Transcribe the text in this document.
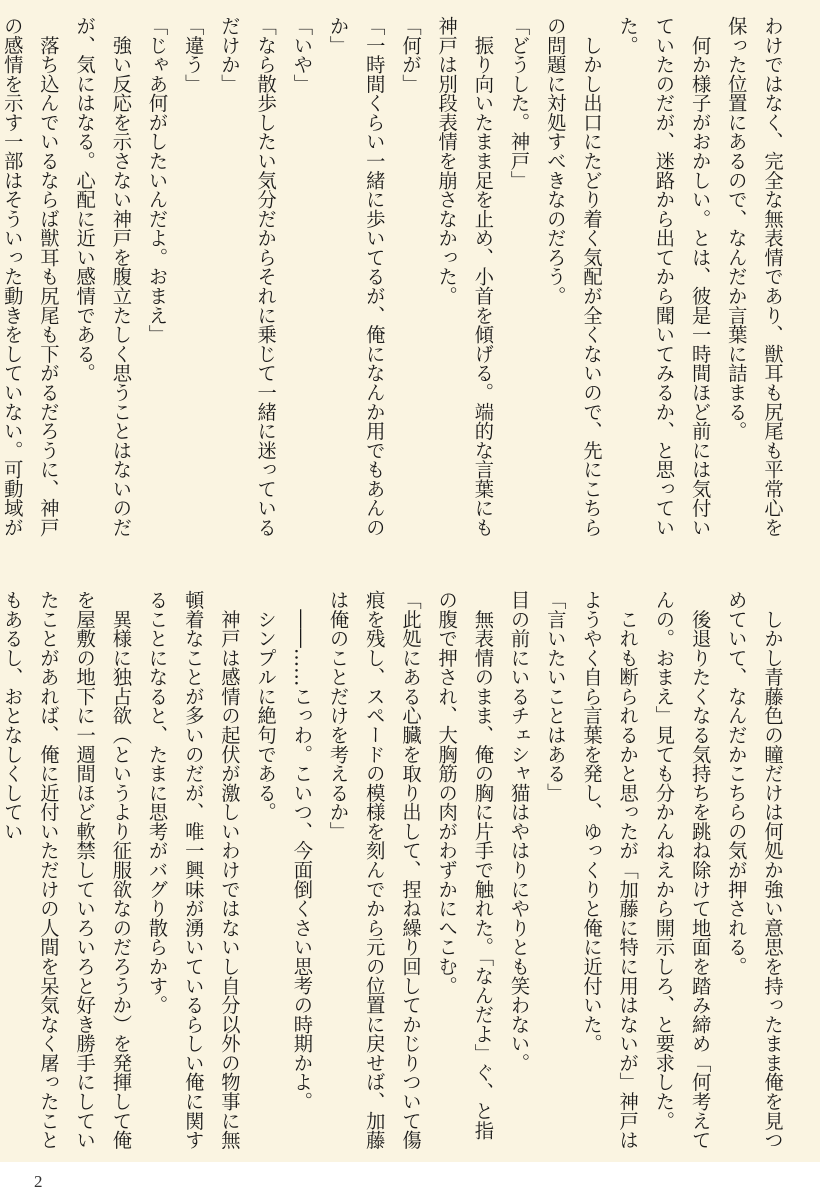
わけではなく、完全な無表情であり、獣耳も尻尾も平常心を保った位置にあるので、なんだか言葉に詰まる。

　何か様子がおかしい。とは、彼是一時間ほど前には気付いていたのだが、迷路から出てから聞いてみるか、と思っていた。

　しかし出口にたどり着く気配が全くないので、先にこちらの問題に対処すべきなのだろう。

「どうした。神戸」

　振り向いたまま足を止め、小首を傾げる。端的な言葉にも神戸は別段表情を崩さなかった。

「何が」

「一時間くらい一緒に歩いてるが、俺になんか用でもあんのか」

「いや」

「なら散歩したい気分だからそれに乗じて一緒に迷っているだけか」

「違う」

「じゃあ何がしたいんだよ。おまえ」

　強い反応を示さない神戸を腹立たしく思うことはないのだが、気にはなる。心配に近い感情である。

　落ち込んでいるならば獣耳も尻尾も下がるだろうに、神戸の感情を示す一部はそういった動きをしていない。可動域が

　しかし青藤色の瞳だけは何処か強い意思を持ったまま俺を見つめていて、なんだかこちらの気が押される。

　後退りたくなる気持ちを跳ね除けて地面を踏み締め「何考えてんの。おまえ」見ても分かんねえから開示しろ、と要求した。

　これも断られるかと思ったが「加藤に特に用はないが」神戸はようやく自ら言葉を発し、ゆっくりと俺に近付いた。

「言いたいことはある」

目の前にいるチェシャ猫はやはりにやりとも笑わない。

　無表情のまま、俺の胸に片手で触れた。「なんだよ」ぐ、と指の腹で押され、大胸筋の肉がわずかにへこむ。

「此処にある心臓を取り出して、捏ね繰り回してかじりついて傷痕を残し、スペードの模様を刻んでから元の位置に戻せば、加藤は俺のことだけを考えるか」

　――……こっわ。こいつ、今面倒くさい思考の時期かよ。

　シンプルに絶句である。

　神戸は感情の起伏が激しいわけではないし自分以外の物事に無頓着なことが多いのだが、唯一興味が湧いているらしい俺に関することになると、たまに思考がバグり散らかす。

　異様に独占欲（というより征服欲なのだろうか）を発揮して俺を屋敷の地下に一週間ほど軟禁していろいろと好き勝手にしていたことがあれば、俺に近付いただけの人間を呆気なく屠ったこともあるし、おとなしくしてい

2
